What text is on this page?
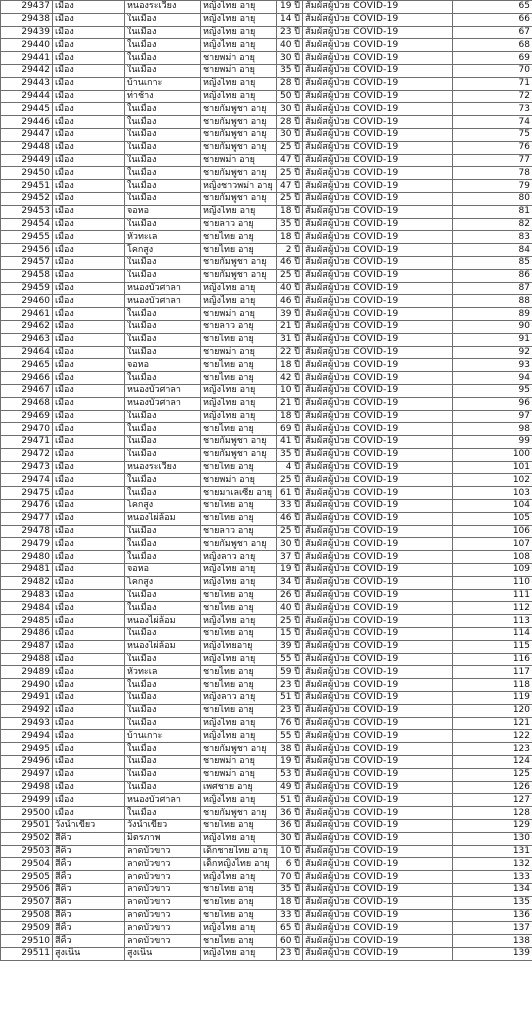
29437	เมือง	หนองระเวียง	หญิงไทย อายุ	19 ปี	สัมผัสผู้ป่วย COVID-19	65
29438	เมือง	ในเมือง	หญิงไทย อายุ	14 ปี	สัมผัสผู้ป่วย COVID-19	66
29439	เมือง	ในเมือง	หญิงไทย อายุ	23 ปี	สัมผัสผู้ป่วย COVID-19	67
29440	เมือง	ในเมือง	หญิงไทย อายุ	40 ปี	สัมผัสผู้ป่วย COVID-19	68
29441	เมือง	ในเมือง	ชายพม่า อายุ	30 ปี	สัมผัสผู้ป่วย COVID-19	69
29442	เมือง	ในเมือง	ชายพม่า อายุ	35 ปี	สัมผัสผู้ป่วย COVID-19	70
29443	เมือง	บ้านเกาะ	หญิงไทย อายุ	28 ปี	สัมผัสผู้ป่วย COVID-19	71
29444	เมือง	ท่าช้าง	หญิงไทย อายุ	50 ปี	สัมผัสผู้ป่วย COVID-19	72
29445	เมือง	ในเมือง	ชายกัมพูชา อายุ	30 ปี	สัมผัสผู้ป่วย COVID-19	73
29446	เมือง	ในเมือง	ชายกัมพูชา อายุ	28 ปี	สัมผัสผู้ป่วย COVID-19	74
29447	เมือง	ในเมือง	ชายกัมพูชา อายุ	30 ปี	สัมผัสผู้ป่วย COVID-19	75
29448	เมือง	ในเมือง	ชายกัมพูชา อายุ	25 ปี	สัมผัสผู้ป่วย COVID-19	76
29449	เมือง	ในเมือง	ชายพม่า อายุ	47 ปี	สัมผัสผู้ป่วย COVID-19	77
29450	เมือง	ในเมือง	ชายกัมพูชา อายุ	25 ปี	สัมผัสผู้ป่วย COVID-19	78
29451	เมือง	ในเมือง	หญิงชาวพม่า อายุ	47 ปี	สัมผัสผู้ป่วย COVID-19	79
29452	เมือง	ในเมือง	ชายกัมพูชา อายุ	25 ปี	สัมผัสผู้ป่วย COVID-19	80
29453	เมือง	จอหอ	หญิงไทย อายุ	18 ปี	สัมผัสผู้ป่วย COVID-19	81
29454	เมือง	ในเมือง	ชายลาว อายุ	35 ปี	สัมผัสผู้ป่วย COVID-19	82
29455	เมือง	หัวทะเล	ชายไทย อายุ	18 ปี	สัมผัสผู้ป่วย COVID-19	83
29456	เมือง	โคกสูง	ชายไทย อายุ	2 ปี	สัมผัสผู้ป่วย COVID-19	84
29457	เมือง	ในเมือง	ชายกัมพูชา อายุ	46 ปี	สัมผัสผู้ป่วย COVID-19	85
29458	เมือง	ในเมือง	ชายกัมพูชา อายุ	25 ปี	สัมผัสผู้ป่วย COVID-19	86
29459	เมือง	หนองบัวศาลา	หญิงไทย อายุ	40 ปี	สัมผัสผู้ป่วย COVID-19	87
29460	เมือง	หนองบัวศาลา	หญิงไทย อายุ	46 ปี	สัมผัสผู้ป่วย COVID-19	88
29461	เมือง	ในเมือง	ชายพม่า อายุ	39 ปี	สัมผัสผู้ป่วย COVID-19	89
29462	เมือง	ในเมือง	ชายลาว อายุ	21 ปี	สัมผัสผู้ป่วย COVID-19	90
29463	เมือง	ในเมือง	ชายไทย อายุ	31 ปี	สัมผัสผู้ป่วย COVID-19	91
29464	เมือง	ในเมือง	ชายพม่า อายุ	22 ปี	สัมผัสผู้ป่วย COVID-19	92
29465	เมือง	จอหอ	ชายไทย อายุ	18 ปี	สัมผัสผู้ป่วย COVID-19	93
29466	เมือง	ในเมือง	ชายไทย อายุ	42 ปี	สัมผัสผู้ป่วย COVID-19	94
29467	เมือง	หนองบัวศาลา	หญิงไทย อายุ	10 ปี	สัมผัสผู้ป่วย COVID-19	95
29468	เมือง	หนองบัวศาลา	หญิงไทย อายุ	21 ปี	สัมผัสผู้ป่วย COVID-19	96
29469	เมือง	ในเมือง	หญิงไทย อายุ	18 ปี	สัมผัสผู้ป่วย COVID-19	97
29470	เมือง	ในเมือง	ชายไทย อายุ	69 ปี	สัมผัสผู้ป่วย COVID-19	98
29471	เมือง	ในเมือง	ชายกัมพูชา อายุ	41 ปี	สัมผัสผู้ป่วย COVID-19	99
29472	เมือง	ในเมือง	ชายกัมพูชา อายุ	35 ปี	สัมผัสผู้ป่วย COVID-19	100
29473	เมือง	หนองระเวียง	ชายไทย อายุ	4 ปี	สัมผัสผู้ป่วย COVID-19	101
29474	เมือง	ในเมือง	ชายพม่า อายุ	25 ปี	สัมผัสผู้ป่วย COVID-19	102
29475	เมือง	ในเมือง	ชายมาเลเซีย อายุ	61 ปี	สัมผัสผู้ป่วย COVID-19	103
29476	เมือง	โคกสูง	ชายไทย อายุ	33 ปี	สัมผัสผู้ป่วย COVID-19	104
29477	เมือง	หนองไผ่ล้อม	ชายไทย อายุ	46 ปี	สัมผัสผู้ป่วย COVID-19	105
29478	เมือง	ในเมือง	ชายลาว อายุ	25 ปี	สัมผัสผู้ป่วย COVID-19	106
29479	เมือง	ในเมือง	ชายกัมพูชา อายุ	30 ปี	สัมผัสผู้ป่วย COVID-19	107
29480	เมือง	ในเมือง	หญิงลาว อายุ	37 ปี	สัมผัสผู้ป่วย COVID-19	108
29481	เมือง	จอหอ	หญิงไทย อายุ	19 ปี	สัมผัสผู้ป่วย COVID-19	109
29482	เมือง	โคกสูง	หญิงไทย อายุ	34 ปี	สัมผัสผู้ป่วย COVID-19	110
29483	เมือง	ในเมือง	ชายไทย อายุ	26 ปี	สัมผัสผู้ป่วย COVID-19	111
29484	เมือง	ในเมือง	ชายไทย อายุ	40 ปี	สัมผัสผู้ป่วย COVID-19	112
29485	เมือง	หนองไผ่ล้อม	หญิงไทย อายุ	25 ปี	สัมผัสผู้ป่วย COVID-19	113
29486	เมือง	ในเมือง	ชายไทย อายุ	15 ปี	สัมผัสผู้ป่วย COVID-19	114
29487	เมือง	หนองไผ่ล้อม	หญิงไทยอายุ	39 ปี	สัมผัสผู้ป่วย COVID-19	115
29488	เมือง	ในเมือง	หญิงไทย อายุ	55 ปี	สัมผัสผู้ป่วย COVID-19	116
29489	เมือง	หัวทะเล	ชายไทย อายุ	59 ปี	สัมผัสผู้ป่วย COVID-19	117
29490	เมือง	ในเมือง	ชายไทย อายุ	23 ปี	สัมผัสผู้ป่วย COVID-19	118
29491	เมือง	ในเมือง	หญิงลาว อายุ	51 ปี	สัมผัสผู้ป่วย COVID-19	119
29492	เมือง	ในเมือง	ชายไทย อายุ	23 ปี	สัมผัสผู้ป่วย COVID-19	120
29493	เมือง	ในเมือง	หญิงไทย อายุ	76 ปี	สัมผัสผู้ป่วย COVID-19	121
29494	เมือง	บ้านเกาะ	หญิงไทย อายุ	55 ปี	สัมผัสผู้ป่วย COVID-19	122
29495	เมือง	ในเมือง	ชายกัมพูชา อายุ	38 ปี	สัมผัสผู้ป่วย COVID-19	123
29496	เมือง	ในเมือง	ชายพม่า อายุ	19 ปี	สัมผัสผู้ป่วย COVID-19	124
29497	เมือง	ในเมือง	ชายพม่า อายุ	53 ปี	สัมผัสผู้ป่วย COVID-19	125
29498	เมือง	ในเมือง	เพศชาย อายุ	49 ปี	สัมผัสผู้ป่วย COVID-19	126
29499	เมือง	หนองบัวศาลา	หญิงไทย อายุ	51 ปี	สัมผัสผู้ป่วย COVID-19	127
29500	เมือง	ในเมือง	ชายกัมพูชา อายุ	36 ปี	สัมผัสผู้ป่วย COVID-19	128
29501	วังน้ำเขียว	วังน้ำเขียว	ชายไทย อายุ	36 ปี	สัมผัสผู้ป่วย COVID-19	129
29502	สีคิ้ว	มิตรภาพ	หญิงไทย อายุ	30 ปี	สัมผัสผู้ป่วย COVID-19	130
29503	สีคิ้ว	ลาดบัวขาว	เด็กชายไทย อายุ	10 ปี	สัมผัสผู้ป่วย COVID-19	131
29504	สีคิ้ว	ลาดบัวขาว	เด็กหญิงไทย อายุ	6 ปี	สัมผัสผู้ป่วย COVID-19	132
29505	สีคิ้ว	ลาดบัวขาว	หญิงไทย อายุ	70 ปี	สัมผัสผู้ป่วย COVID-19	133
29506	สีคิ้ว	ลาดบัวขาว	ชายไทย อายุ	35 ปี	สัมผัสผู้ป่วย COVID-19	134
29507	สีคิ้ว	ลาดบัวขาว	ชายไทย อายุ	18 ปี	สัมผัสผู้ป่วย COVID-19	135
29508	สีคิ้ว	ลาดบัวขาว	ชายไทย อายุ	33 ปี	สัมผัสผู้ป่วย COVID-19	136
29509	สีคิ้ว	ลาดบัวขาว	หญิงไทย อายุ	65 ปี	สัมผัสผู้ป่วย COVID-19	137
29510	สีคิ้ว	ลาดบัวขาว	ชายไทย อายุ	60 ปี	สัมผัสผู้ป่วย COVID-19	138
29511	สูงเนิน	สูงเนิน	หญิงไทย อายุ	23 ปี	สัมผัสผู้ป่วย COVID-19	139
